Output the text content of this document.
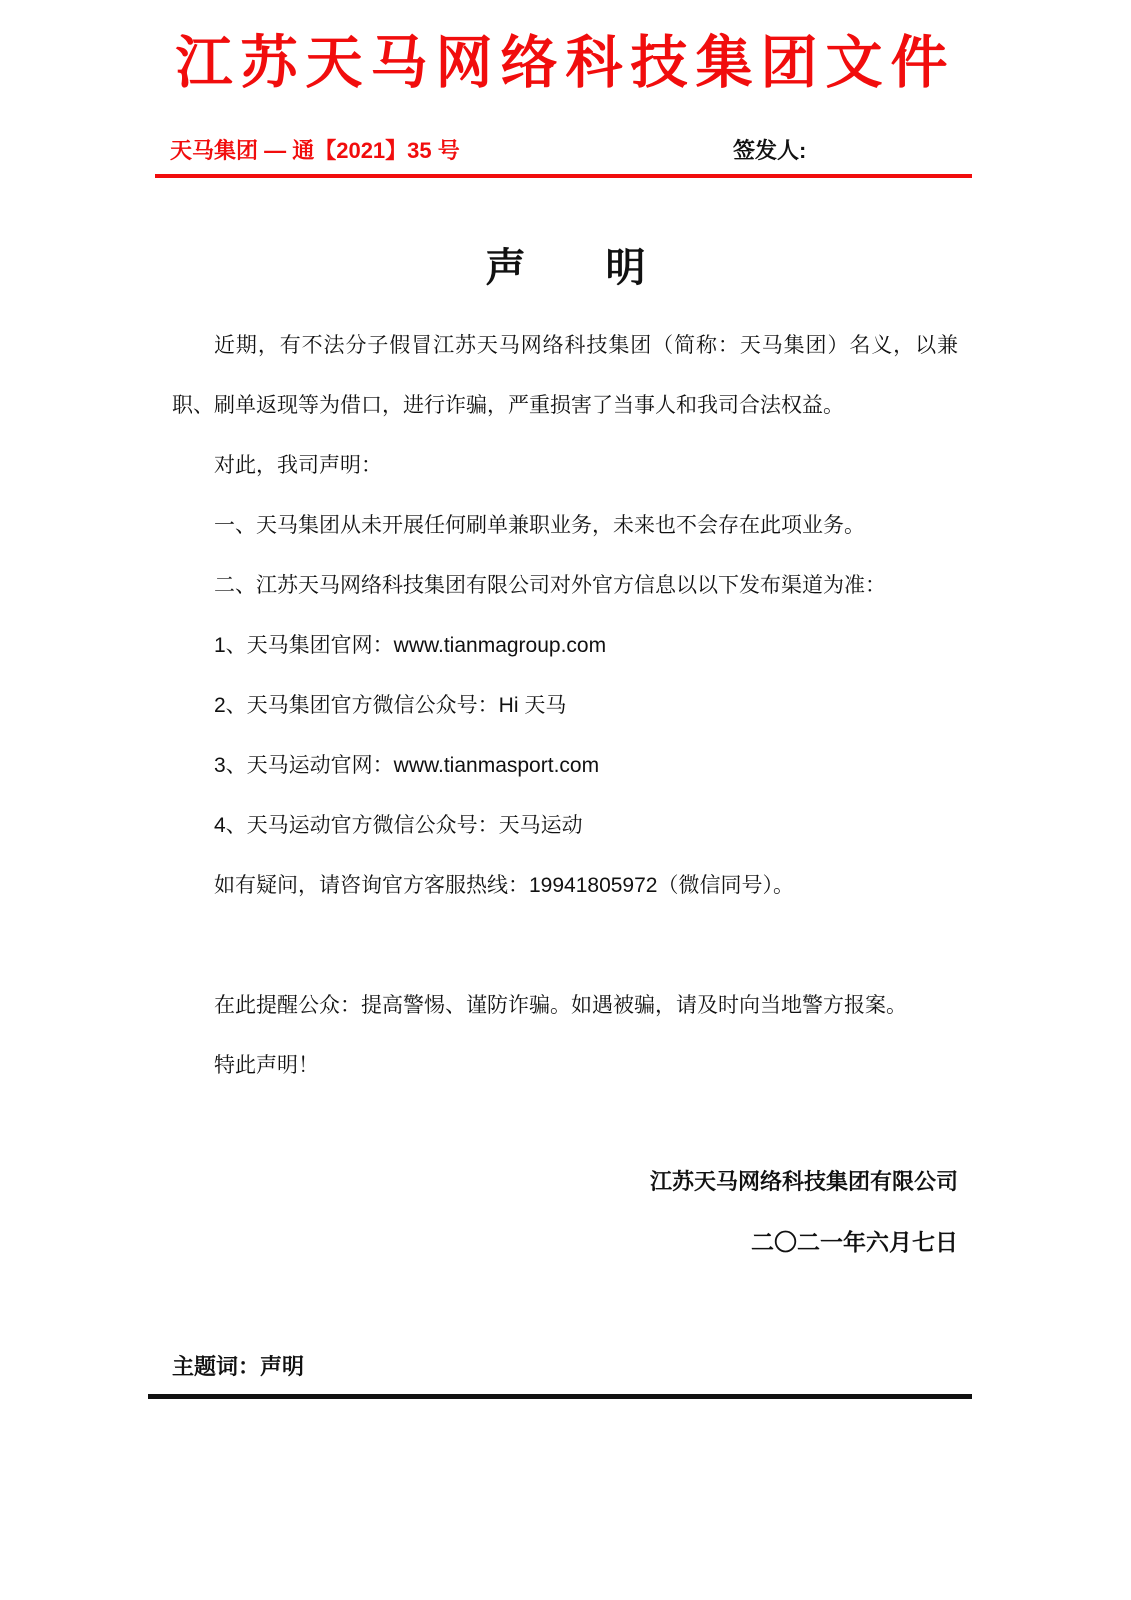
江苏天马网络科技集团文件
天马集团 — 通【2021】35 号	签发人:
声　　明

近期，有不法分子假冒江苏天马网络科技集团（简称：天马集团）名义，以兼职、刷单返现等为借口，进行诈骗，严重损害了当事人和我司合法权益。

对此，我司声明：

一、天马集团从未开展任何刷单兼职业务，未来也不会存在此项业务。

二、江苏天马网络科技集团有限公司对外官方信息以以下发布渠道为准：

1、天马集团官网：www.tianmagroup.com

2、天马集团官方微信公众号：Hi 天马

3、天马运动官网：www.tianmasport.com

4、天马运动官方微信公众号：天马运动

如有疑问，请咨询官方客服热线：19941805972（微信同号）。

在此提醒公众：提高警惕、谨防诈骗。如遇被骗，请及时向当地警方报案。

特此声明！

江苏天马网络科技集团有限公司
二〇二一年六月七日
主题词：声明
